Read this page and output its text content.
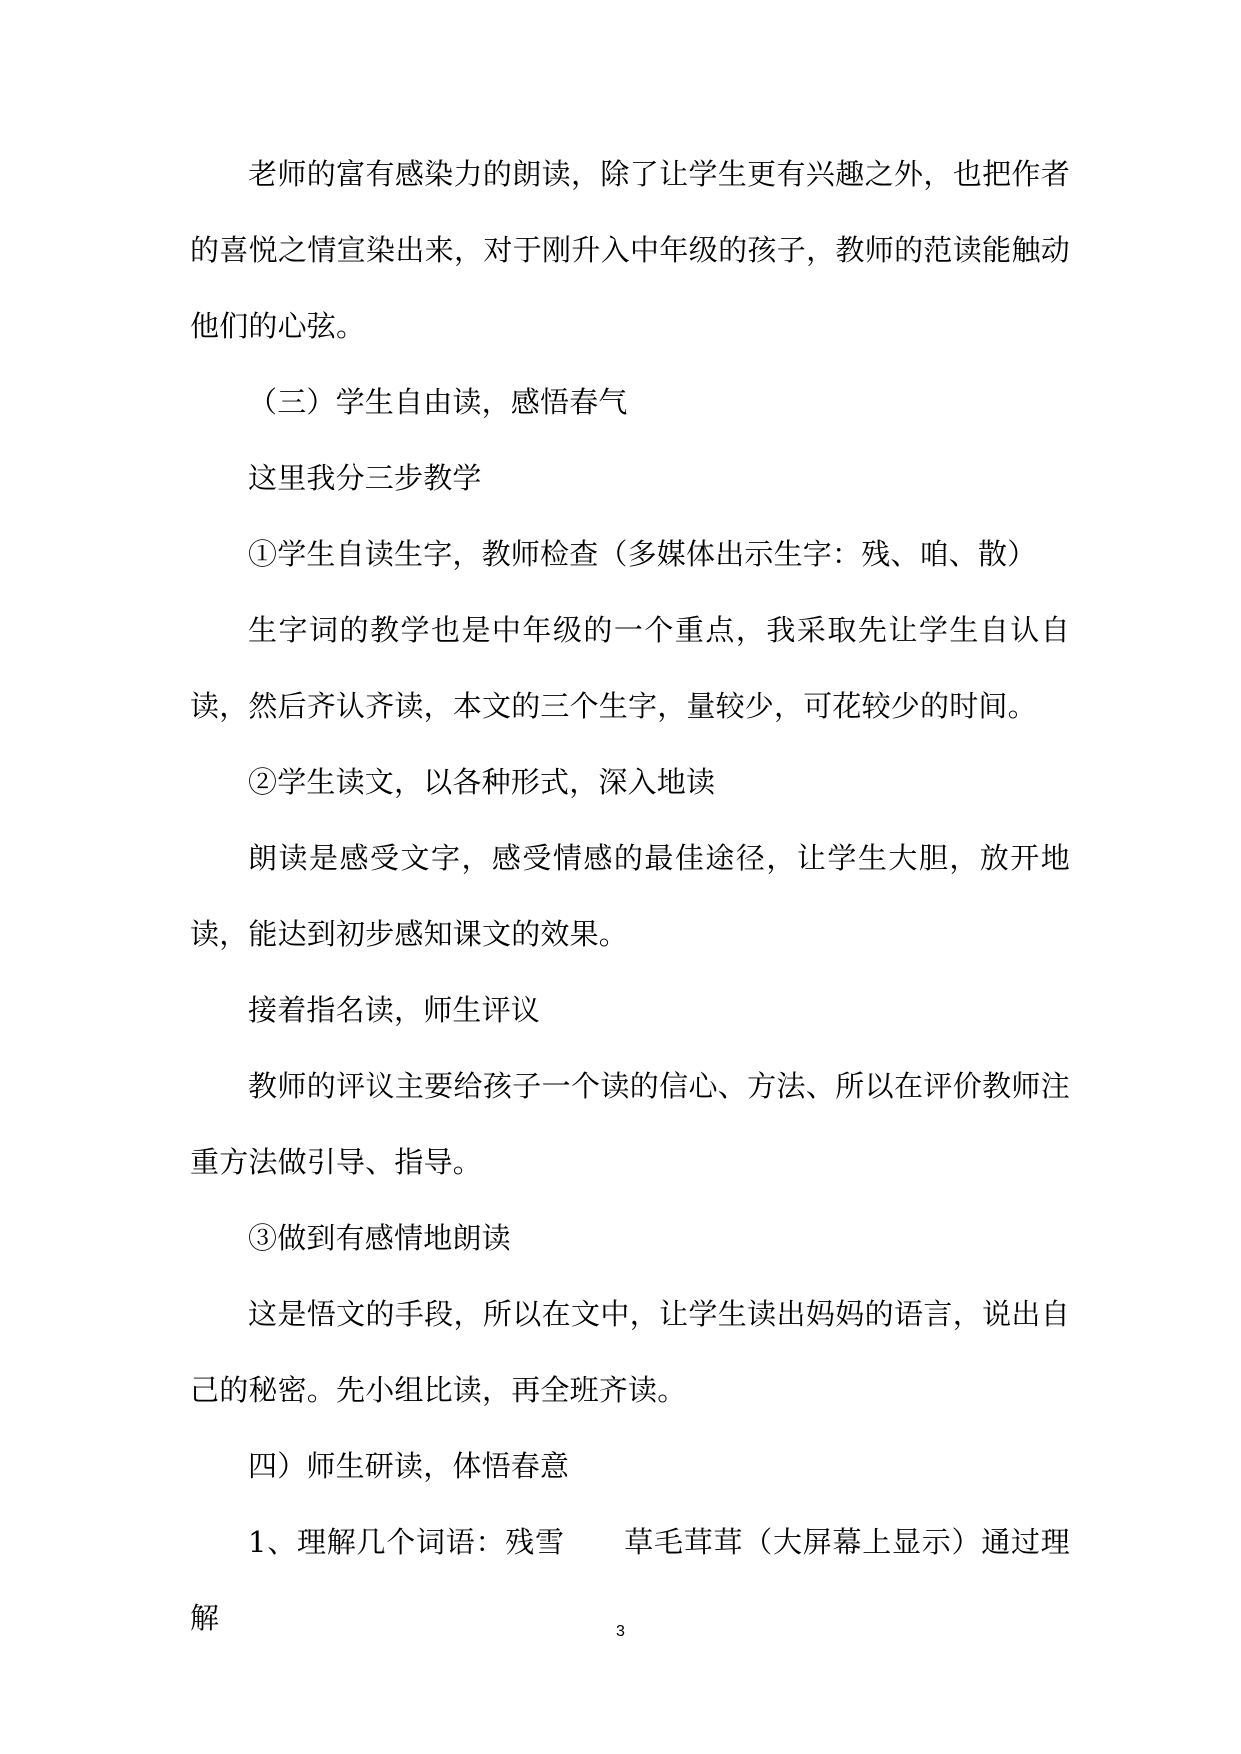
老师的富有感染力的朗读，除了让学生更有兴趣之外，也把作者的喜悦之情宣染出来，对于刚升入中年级的孩子，教师的范读能触动他们的心弦。

（三）学生自由读，感悟春气

这里我分三步教学

①学生自读生字，教师检查（多媒体出示生字：残、咱、散）

生字词的教学也是中年级的一个重点，我采取先让学生自认自读，然后齐认齐读，本文的三个生字，量较少，可花较少的时间。

②学生读文，以各种形式，深入地读

朗读是感受文字，感受情感的最佳途径，让学生大胆，放开地读，能达到初步感知课文的效果。

接着指名读，师生评议

教师的评议主要给孩子一个读的信心、方法、所以在评价教师注重方法做引导、指导。

③做到有感情地朗读

这是悟文的手段，所以在文中，让学生读出妈妈的语言，说出自己的秘密。先小组比读，再全班齐读。

四）师生研读，体悟春意

1、理解几个词语：残雪　　草毛茸茸（大屏幕上显示）通过理解	3
